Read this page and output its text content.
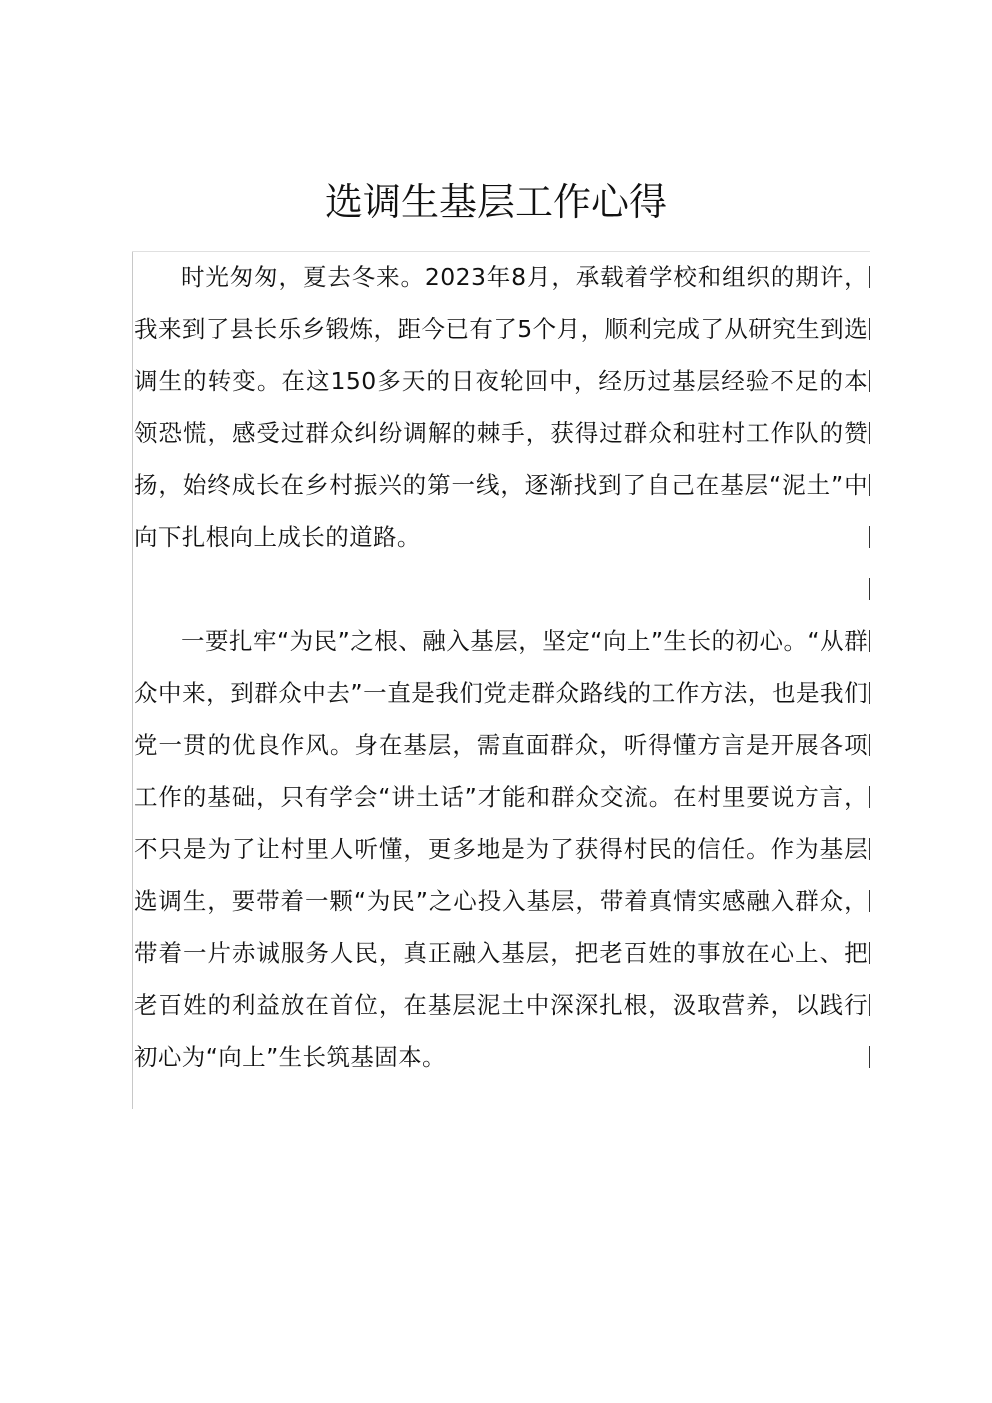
选调生基层工作心得

时光匆匆，夏去冬来。2023年8月，承载着学校和组织的期许，我来到了县长乐乡锻炼，距今已有了5个月，顺利完成了从研究生到选调生的转变。在这150多天的日夜轮回中，经历过基层经验不足的本领恐慌，感受过群众纠纷调解的棘手，获得过群众和驻村工作队的赞扬，始终成长在乡村振兴的第一线，逐渐找到了自己在基层“泥土”中向下扎根向上成长的道路。

一要扎牢“为民”之根、融入基层，坚定“向上”生长的初心。“从群众中来，到群众中去”一直是我们党走群众路线的工作方法，也是我们党一贯的优良作风。身在基层，需直面群众，听得懂方言是开展各项工作的基础，只有学会“讲土话”才能和群众交流。在村里要说方言，不只是为了让村里人听懂，更多地是为了获得村民的信任。作为基层选调生，要带着一颗“为民”之心投入基层，带着真情实感融入群众，带着一片赤诚服务人民，真正融入基层，把老百姓的事放在心上、把老百姓的利益放在首位，在基层泥土中深深扎根，汲取营养，以践行初心为“向上”生长筑基固本。
